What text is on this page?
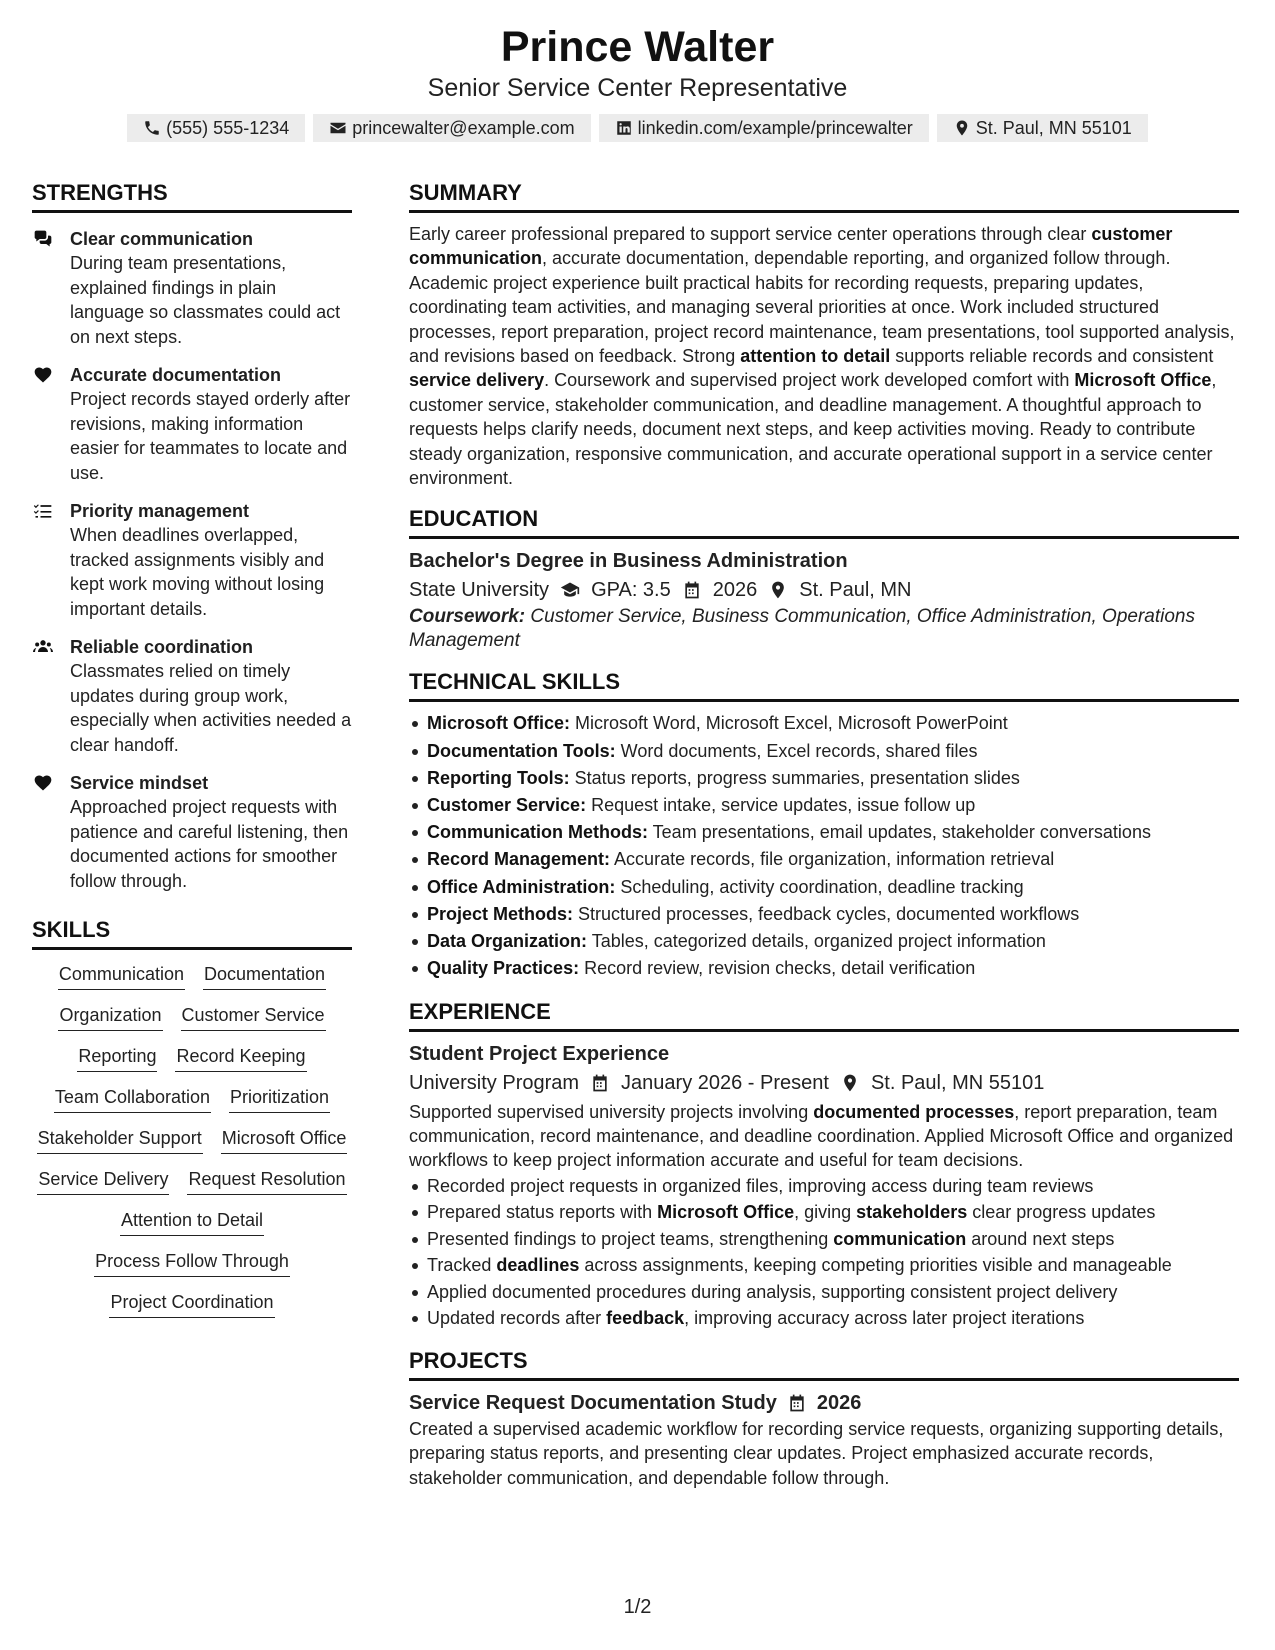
Prince Walter
Senior Service Center Representative
(555) 555-1234	princewalter@example.com	linkedin.com/example/princewalter	St. Paul, MN 55101
STRENGTHS
Clear communication
During team presentations, explained findings in plain language so classmates could act on next steps.
Accurate documentation
Project records stayed orderly after revisions, making information easier for teammates to locate and use.
Priority management
When deadlines overlapped, tracked assignments visibly and kept work moving without losing important details.
Reliable coordination
Classmates relied on timely updates during group work, especially when activities needed a clear handoff.
Service mindset
Approached project requests with patience and careful listening, then documented actions for smoother follow through.
SKILLS
Communication Documentation
Organization Customer Service
Reporting Record Keeping
Team Collaboration Prioritization
Stakeholder Support Microsoft Office
Service Delivery Request Resolution
Attention to Detail
Process Follow Through
Project Coordination
SUMMARY
Early career professional prepared to support service center operations through clear customer communication, accurate documentation, dependable reporting, and organized follow through. Academic project experience built practical habits for recording requests, preparing updates, coordinating team activities, and managing several priorities at once. Work included structured processes, report preparation, project record maintenance, team presentations, tool supported analysis, and revisions based on feedback. Strong attention to detail supports reliable records and consistent service delivery. Coursework and supervised project work developed comfort with Microsoft Office, customer service, stakeholder communication, and deadline management. A thoughtful approach to requests helps clarify needs, document next steps, and keep activities moving. Ready to contribute steady organization, responsive communication, and accurate operational support in a service center environment.
EDUCATION
Bachelor's Degree in Business Administration
State University GPA: 3.5 2026 St. Paul, MN
Coursework: Customer Service, Business Communication, Office Administration, Operations Management
TECHNICAL SKILLS
Microsoft Office: Microsoft Word, Microsoft Excel, Microsoft PowerPoint
Documentation Tools: Word documents, Excel records, shared files
Reporting Tools: Status reports, progress summaries, presentation slides
Customer Service: Request intake, service updates, issue follow up
Communication Methods: Team presentations, email updates, stakeholder conversations
Record Management: Accurate records, file organization, information retrieval
Office Administration: Scheduling, activity coordination, deadline tracking
Project Methods: Structured processes, feedback cycles, documented workflows
Data Organization: Tables, categorized details, organized project information
Quality Practices: Record review, revision checks, detail verification
EXPERIENCE
Student Project Experience
University Program January 2026 - Present St. Paul, MN 55101
Supported supervised university projects involving documented processes, report preparation, team communication, record maintenance, and deadline coordination. Applied Microsoft Office and organized workflows to keep project information accurate and useful for team decisions.
Recorded project requests in organized files, improving access during team reviews
Prepared status reports with Microsoft Office, giving stakeholders clear progress updates
Presented findings to project teams, strengthening communication around next steps
Tracked deadlines across assignments, keeping competing priorities visible and manageable
Applied documented procedures during analysis, supporting consistent project delivery
Updated records after feedback, improving accuracy across later project iterations
PROJECTS
Service Request Documentation Study 2026
Created a supervised academic workflow for recording service requests, organizing supporting details, preparing status reports, and presenting clear updates. Project emphasized accurate records, stakeholder communication, and dependable follow through.
1/2
